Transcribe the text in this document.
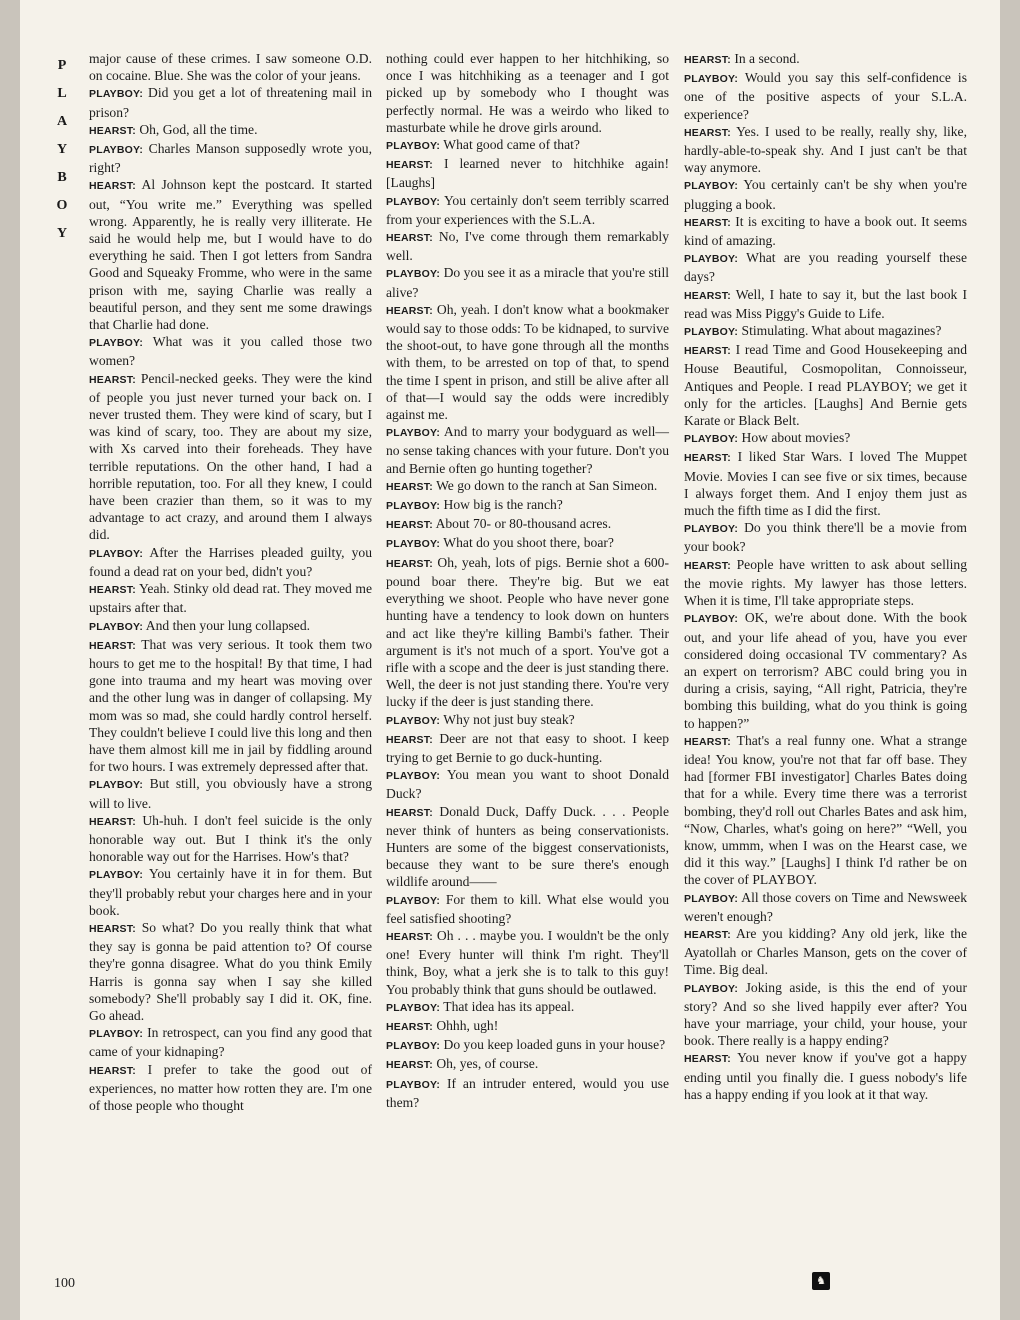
P
L
A
Y
B
O
Y

major cause of these crimes. I saw someone O.D. on cocaine. Blue. She was the color of your jeans.

PLAYBOY: Did you get a lot of threatening mail in prison?

HEARST: Oh, God, all the time.

PLAYBOY: Charles Manson supposedly wrote you, right?

HEARST: Al Johnson kept the postcard. It started out, “You write me.” Everything was spelled wrong. Apparently, he is really very illiterate. He said he would help me, but I would have to do everything he said. Then I got letters from Sandra Good and Squeaky Fromme, who were in the same prison with me, saying Charlie was really a beautiful person, and they sent me some drawings that Charlie had done.

PLAYBOY: What was it you called those two women?

HEARST: Pencil-necked geeks. They were the kind of people you just never turned your back on. I never trusted them. They were kind of scary, but I was kind of scary, too. They are about my size, with Xs carved into their foreheads. They have terrible reputations. On the other hand, I had a horrible reputation, too. For all they knew, I could have been crazier than them, so it was to my advantage to act crazy, and around them I always did.

PLAYBOY: After the Harrises pleaded guilty, you found a dead rat on your bed, didn't you?

HEARST: Yeah. Stinky old dead rat. They moved me upstairs after that.

PLAYBOY: And then your lung collapsed.

HEARST: That was very serious. It took them two hours to get me to the hospital! By that time, I had gone into trauma and my heart was moving over and the other lung was in danger of collapsing. My mom was so mad, she could hardly control herself. They couldn't believe I could live this long and then have them almost kill me in jail by fiddling around for two hours. I was extremely depressed after that.

PLAYBOY: But still, you obviously have a strong will to live.

HEARST: Uh-huh. I don't feel suicide is the only honorable way out. But I think it's the only honorable way out for the Harrises. How's that?

PLAYBOY: You certainly have it in for them. But they'll probably rebut your charges here and in your book.

HEARST: So what? Do you really think that what they say is gonna be paid attention to? Of course they're gonna disagree. What do you think Emily Harris is gonna say when I say she killed somebody? She'll probably say I did it. OK, fine. Go ahead.

PLAYBOY: In retrospect, can you find any good that came of your kidnaping?

HEARST: I prefer to take the good out of experiences, no matter how rotten they are. I'm one of those people who thought

nothing could ever happen to her hitchhiking, so once I was hitchhiking as a teenager and I got picked up by somebody who I thought was perfectly normal. He was a weirdo who liked to masturbate while he drove girls around.

PLAYBOY: What good came of that?

HEARST: I learned never to hitchhike again! [Laughs]

PLAYBOY: You certainly don't seem terribly scarred from your experiences with the S.L.A.

HEARST: No, I've come through them remarkably well.

PLAYBOY: Do you see it as a miracle that you're still alive?

HEARST: Oh, yeah. I don't know what a bookmaker would say to those odds: To be kidnaped, to survive the shoot-out, to have gone through all the months with them, to be arrested on top of that, to spend the time I spent in prison, and still be alive after all of that—I would say the odds were incredibly against me.

PLAYBOY: And to marry your bodyguard as well—no sense taking chances with your future. Don't you and Bernie often go hunting together?

HEARST: We go down to the ranch at San Simeon.

PLAYBOY: How big is the ranch?

HEARST: About 70- or 80-thousand acres.

PLAYBOY: What do you shoot there, boar?

HEARST: Oh, yeah, lots of pigs. Bernie shot a 600-pound boar there. They're big. But we eat everything we shoot. People who have never gone hunting have a tendency to look down on hunters and act like they're killing Bambi's father. Their argument is it's not much of a sport. You've got a rifle with a scope and the deer is just standing there. Well, the deer is not just standing there. You're very lucky if the deer is just standing there.

PLAYBOY: Why not just buy steak?

HEARST: Deer are not that easy to shoot. I keep trying to get Bernie to go duck-hunting.

PLAYBOY: You mean you want to shoot Donald Duck?

HEARST: Donald Duck, Daffy Duck. . . . People never think of hunters as being conservationists. Hunters are some of the biggest conservationists, because they want to be sure there's enough wildlife around——

PLAYBOY: For them to kill. What else would you feel satisfied shooting?

HEARST: Oh . . . maybe you. I wouldn't be the only one! Every hunter will think I'm right. They'll think, Boy, what a jerk she is to talk to this guy! You probably think that guns should be outlawed.

PLAYBOY: That idea has its appeal.

HEARST: Ohhh, ugh!

PLAYBOY: Do you keep loaded guns in your house?

HEARST: Oh, yes, of course.

PLAYBOY: If an intruder entered, would you use them?

HEARST: In a second.

PLAYBOY: Would you say this self-confidence is one of the positive aspects of your S.L.A. experience?

HEARST: Yes. I used to be really, really shy, like, hardly-able-to-speak shy. And I just can't be that way anymore.

PLAYBOY: You certainly can't be shy when you're plugging a book.

HEARST: It is exciting to have a book out. It seems kind of amazing.

PLAYBOY: What are you reading yourself these days?

HEARST: Well, I hate to say it, but the last book I read was Miss Piggy's Guide to Life.

PLAYBOY: Stimulating. What about magazines?

HEARST: I read Time and Good Housekeeping and House Beautiful, Cosmopolitan, Connoisseur, Antiques and People. I read PLAYBOY; we get it only for the articles. [Laughs] And Bernie gets Karate or Black Belt.

PLAYBOY: How about movies?

HEARST: I liked Star Wars. I loved The Muppet Movie. Movies I can see five or six times, because I always forget them. And I enjoy them just as much the fifth time as I did the first.

PLAYBOY: Do you think there'll be a movie from your book?

HEARST: People have written to ask about selling the movie rights. My lawyer has those letters. When it is time, I'll take appropriate steps.

PLAYBOY: OK, we're about done. With the book out, and your life ahead of you, have you ever considered doing occasional TV commentary? As an expert on terrorism? ABC could bring you in during a crisis, saying, “All right, Patricia, they're bombing this building, what do you think is going to happen?”

HEARST: That's a real funny one. What a strange idea! You know, you're not that far off base. They had [former FBI investigator] Charles Bates doing that for a while. Every time there was a terrorist bombing, they'd roll out Charles Bates and ask him, “Now, Charles, what's going on here?” “Well, you know, ummm, when I was on the Hearst case, we did it this way.” [Laughs] I think I'd rather be on the cover of PLAYBOY.

PLAYBOY: All those covers on Time and Newsweek weren't enough?

HEARST: Are you kidding? Any old jerk, like the Ayatollah or Charles Manson, gets on the cover of Time. Big deal.

PLAYBOY: Joking aside, is this the end of your story? And so she lived happily ever after? You have your marriage, your child, your house, your book. There really is a happy ending?

HEARST: You never know if you've got a happy ending until you finally die. I guess nobody's life has a happy ending if you look at it that way.

100	♞
